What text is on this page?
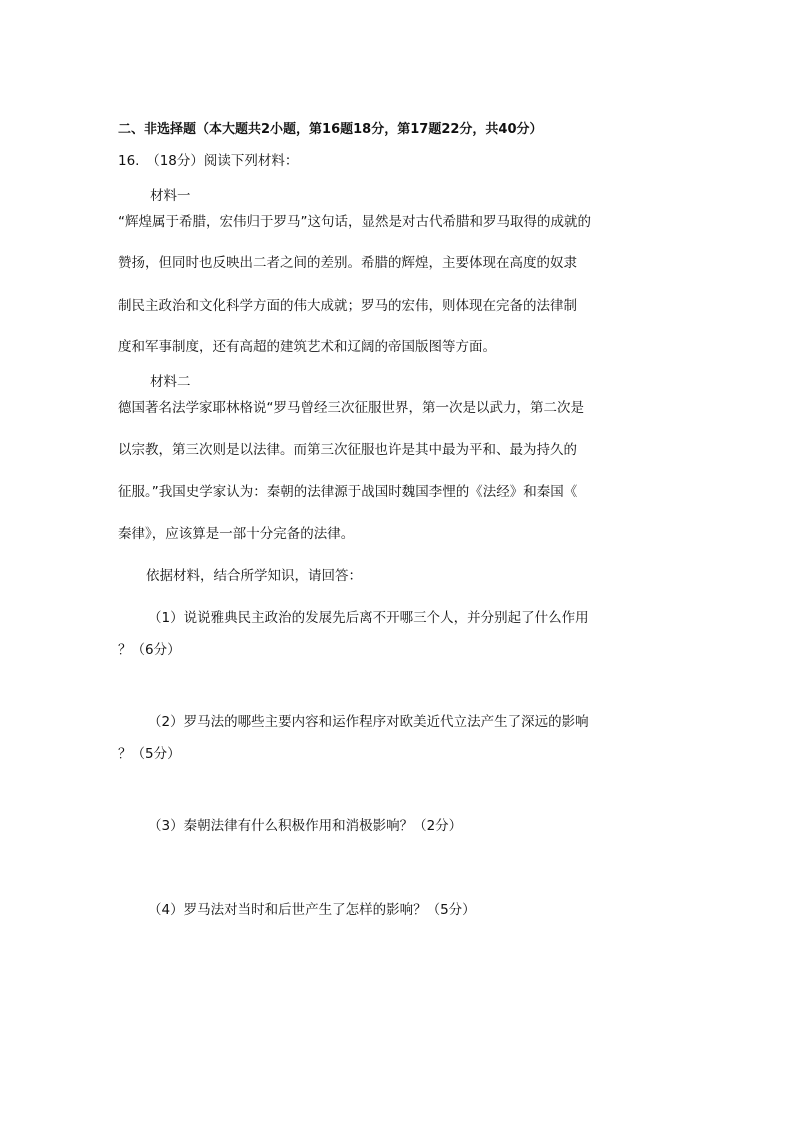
二、非选择题（本大题共2小题，第16题18分，第17题22分，共40分）
16.　（18分）阅读下列材料：
材料一
“辉煌属于希腊，宏伟归于罗马”这句话，显然是对古代希腊和罗马取得的成就的
赞扬，但同时也反映出二者之间的差别。希腊的辉煌，主要体现在高度的奴隶
制民主政治和文化科学方面的伟大成就；罗马的宏伟，则体现在完备的法律制
度和军事制度，还有高超的建筑艺术和辽阔的帝国版图等方面。
材料二
德国著名法学家耶林格说“罗马曾经三次征服世界，第一次是以武力，第二次是
以宗教，第三次则是以法律。而第三次征服也许是其中最为平和、最为持久的
征服。”我国史学家认为：秦朝的法律源于战国时魏国李悝的《法经》和秦国《
秦律》，应该算是一部十分完备的法律。
依据材料，结合所学知识，请回答：
（1）说说雅典民主政治的发展先后离不开哪三个人，并分别起了什么作用
？（6分）
（2）罗马法的哪些主要内容和运作程序对欧美近代立法产生了深远的影响
？（5分）
（3）秦朝法律有什么积极作用和消极影响？（2分）
（4）罗马法对当时和后世产生了怎样的影响？（5分）
